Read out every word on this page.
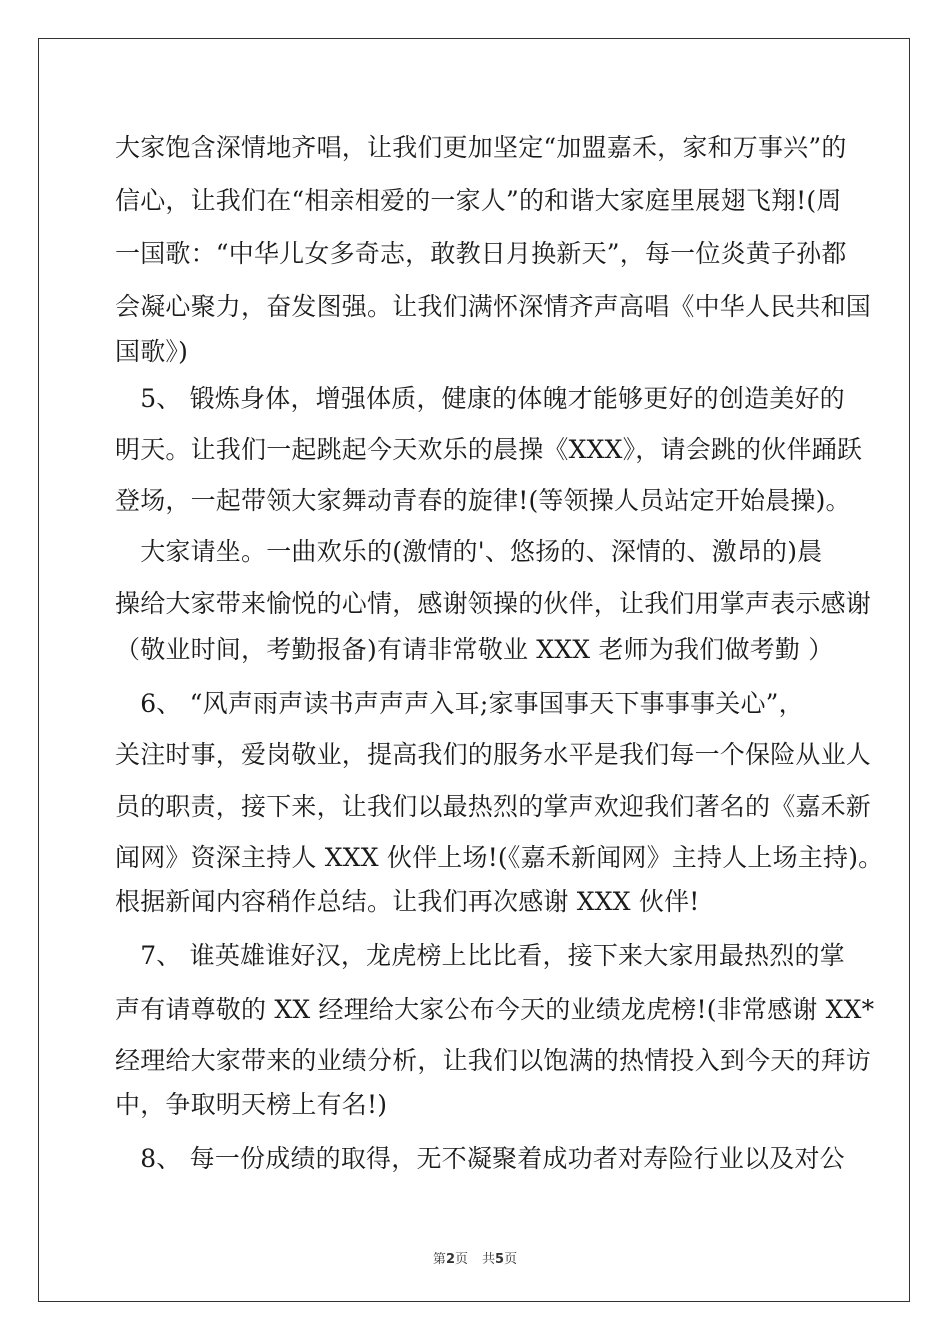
大家饱含深情地齐唱，让我们更加坚定“加盟嘉禾，家和万事兴”的
信心，让我们在“相亲相爱的一家人”的和谐大家庭里展翅飞翔!(周
一国歌：“中华儿女多奇志，敢教日月换新天”，每一位炎黄子孙都
会凝心聚力，奋发图强。让我们满怀深情齐声高唱《中华人民共和国
国歌》)
　5、 锻炼身体，增强体质，健康的体魄才能够更好的创造美好的
明天。让我们一起跳起今天欢乐的晨操《XXX》，请会跳的伙伴踊跃
登场，一起带领大家舞动青春的旋律!(等领操人员站定开始晨操)。
　大家请坐。一曲欢乐的(激情的'、悠扬的、深情的、激昂的)晨
操给大家带来愉悦的心情，感谢领操的伙伴，让我们用掌声表示感谢
（敬业时间，考勤报备)有请非常敬业 XXX 老师为我们做考勤 ）
　6、 “风声雨声读书声声声入耳;家事国事天下事事事关心”，
关注时事，爱岗敬业，提高我们的服务水平是我们每一个保险从业人
员的职责，接下来，让我们以最热烈的掌声欢迎我们著名的《嘉禾新
闻网》资深主持人 XXX 伙伴上场!(《嘉禾新闻网》主持人上场主持)。
根据新闻内容稍作总结。让我们再次感谢 XXX 伙伴!
　7、 谁英雄谁好汉，龙虎榜上比比看，接下来大家用最热烈的掌
声有请尊敬的 XX 经理给大家公布今天的业绩龙虎榜!(非常感谢 XX*
经理给大家带来的业绩分析，让我们以饱满的热情投入到今天的拜访
中，争取明天榜上有名!)
　8、 每一份成绩的取得，无不凝聚着成功者对寿险行业以及对公
第2页 共5页
